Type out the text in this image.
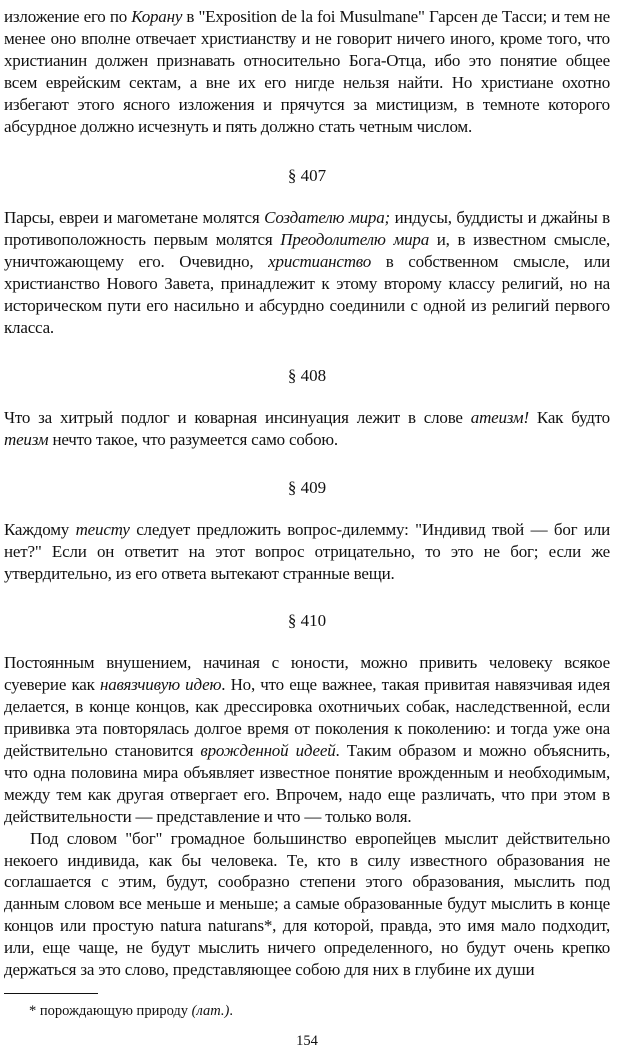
изложение его по Корану в "Exposition de la foi Musulmane" Гарсен де Тасси; и тем не менее оно вполне отвечает христианству и не говорит ничего иного, кроме того, что христианин должен признавать относительно Бога-Отца, ибо это понятие общее всем еврейским сектам, а вне их его нигде нельзя найти. Но христиане охотно избегают этого ясного изложения и прячутся за мистицизм, в темноте которого абсурдное должно исчезнуть и пять должно стать четным числом.

§ 407

Парсы, евреи и магометане молятся Создателю мира; индусы, буддисты и джайны в противоположность первым молятся Преодолителю мира и, в известном смысле, уничтожающему его. Очевидно, христианство в собственном смысле, или христианство Нового Завета, принадлежит к этому второму классу религий, но на историческом пути его насильно и абсурдно соединили с одной из религий первого класса.

§ 408

Что за хитрый подлог и коварная инсинуация лежит в слове атеизм! Как будто теизм нечто такое, что разумеется само собою.

§ 409

Каждому теисту следует предложить вопрос-дилемму: "Индивид твой — бог или нет?" Если он ответит на этот вопрос отрицательно, то это не бог; если же утвердительно, из его ответа вытекают странные вещи.

§ 410

Постоянным внушением, начиная с юности, можно привить человеку всякое суеверие как навязчивую идею. Но, что еще важнее, такая привитая навязчивая идея делается, в конце концов, как дрессировка охотничьих собак, наследственной, если прививка эта повторялась долгое время от поколения к поколению: и тогда уже она действительно становится врожденной идеей. Таким образом и можно объяснить, что одна половина мира объявляет известное понятие врожденным и необходимым, между тем как другая отвергает его. Впрочем, надо еще различать, что при этом в действительности — представление и что — только воля.

Под словом "бог" громадное большинство европейцев мыслит действительно некоего индивида, как бы человека. Те, кто в силу известного образования не соглашается с этим, будут, сообразно степени этого образования, мыслить под данным словом все меньше и меньше; а самые образованные будут мыслить в конце концов или простую natura naturans*, для которой, правда, это имя мало подходит, или, еще чаще, не будут мыслить ничего определенного, но будут очень крепко держаться за это слово, представляющее собою для них в глубине их души

* порождающую природу (лат.).
154
